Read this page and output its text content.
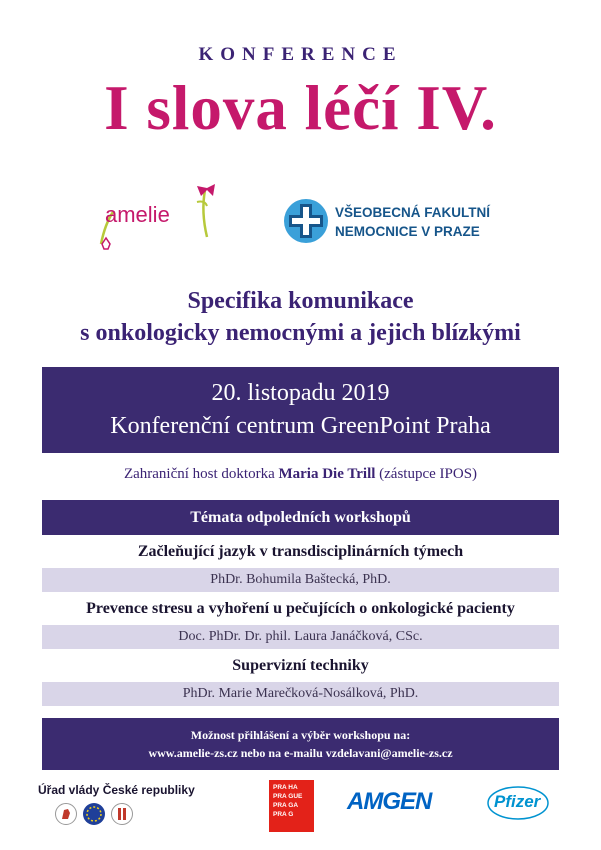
KONFERENCE
I slova léčí IV.
amelie	VŠEOBECNÁ FAKULTNÍ
NEMOCNICE V PRAZE
Specifika komunikace
s onkologicky nemocnými a jejich blízkými
20. listopadu 2019
Konferenční centrum GreenPoint Praha
Zahraniční host doktorka Maria Die Trill (zástupce IPOS)
Témata odpoledních workshopů
Začleňující jazyk v transdisciplinárních týmech
PhDr. Bohumila Baštecká, PhD.
Prevence stresu a vyhoření u pečujících o onkologické pacienty
Doc. PhDr. Dr. phil. Laura Janáčková, CSc.
Supervizní techniky
PhDr. Marie Marečková-Nosálková, PhD.
Možnost přihlášení a výběr workshopu na:
www.amelie-zs.cz nebo na e-mailu vzdelavani@amelie-zs.cz
Úřad vlády České republiky	PRA HA
PRA GUE
PRA GA
PRA G	AMGEN	Pfizer
